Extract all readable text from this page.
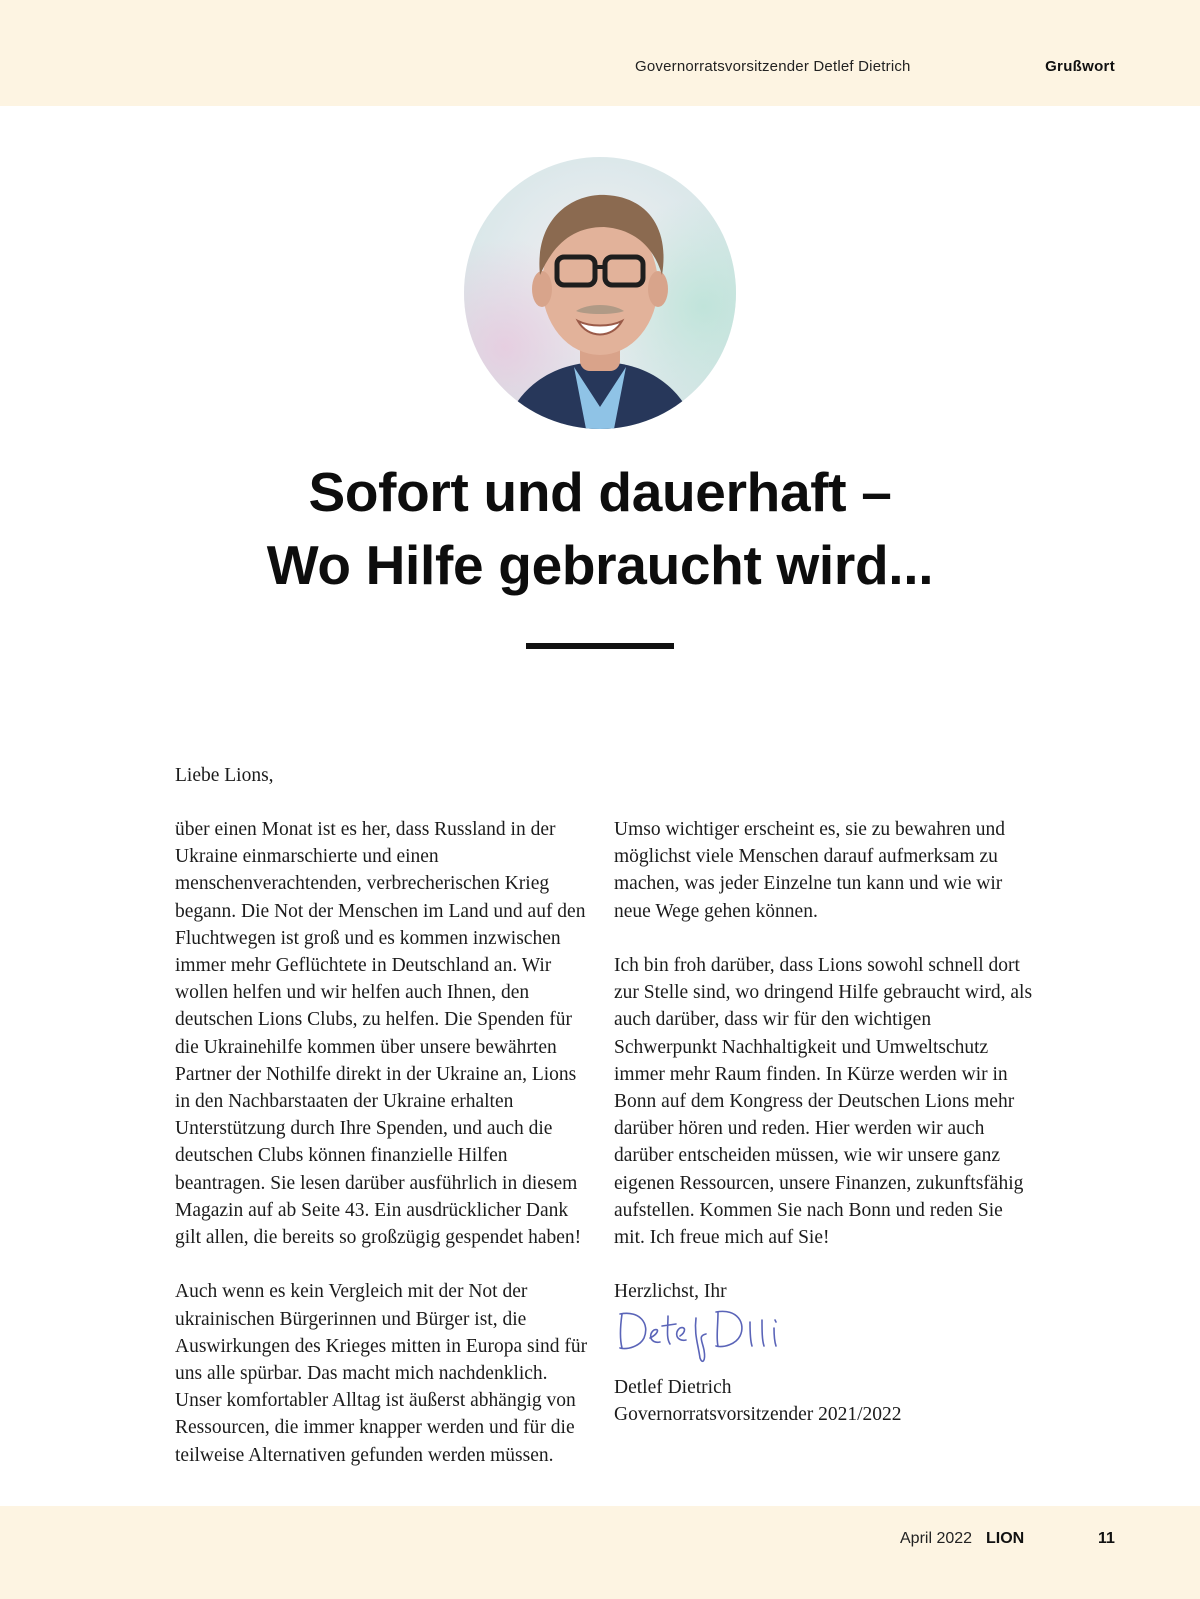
Governorratsvorsitzender Detlef Dietrich	Grußwort
Sofort und dauerhaft –
Wo Hilfe gebraucht wird...
Liebe Lions,

über einen Monat ist es her, dass Russland in der Ukraine einmarschierte und einen menschenverachtenden, verbrecherischen Krieg begann. Die Not der Menschen im Land und auf den Fluchtwegen ist groß und es kommen inzwischen immer mehr Geflüchtete in Deutschland an. Wir wollen helfen und wir helfen auch Ihnen, den deutschen Lions Clubs, zu helfen. Die Spenden für die Ukrainehilfe kommen über unsere bewährten Partner der Nothilfe direkt in der Ukraine an, Lions in den Nachbarstaaten der Ukraine erhalten Unterstützung durch Ihre Spenden, und auch die deutschen Clubs können finanzielle Hilfen beantragen. Sie lesen darüber ausführlich in diesem Magazin auf ab Seite 43. Ein ausdrücklicher Dank gilt allen, die bereits so großzügig gespendet haben!

Auch wenn es kein Vergleich mit der Not der ukrainischen Bürgerinnen und Bürger ist, die Auswirkungen des Krieges mitten in Europa sind für uns alle spürbar. Das macht mich nachdenklich. Unser komfortabler Alltag ist äußerst abhängig von Ressourcen, die immer knapper werden und für die teilweise Alternativen gefunden werden müssen.

Umso wichtiger erscheint es, sie zu bewahren und möglichst viele Menschen darauf aufmerksam zu machen, was jeder Einzelne tun kann und wie wir neue Wege gehen können.

Ich bin froh darüber, dass Lions sowohl schnell dort zur Stelle sind, wo dringend Hilfe gebraucht wird, als auch darüber, dass wir für den wichtigen Schwerpunkt Nachhaltigkeit und Umweltschutz immer mehr Raum finden. In Kürze werden wir in Bonn auf dem Kongress der Deutschen Lions mehr darüber hören und reden. Hier werden wir auch darüber entscheiden müssen, wie wir unsere ganz eigenen Ressourcen, unsere Finanzen, zukunftsfähig aufstellen. Kommen Sie nach Bonn und reden Sie mit. Ich freue mich auf Sie!

Herzlichst, Ihr

Detlef Dietrich
Governorratsvorsitzender 2021/2022
April 2022 LION	11
